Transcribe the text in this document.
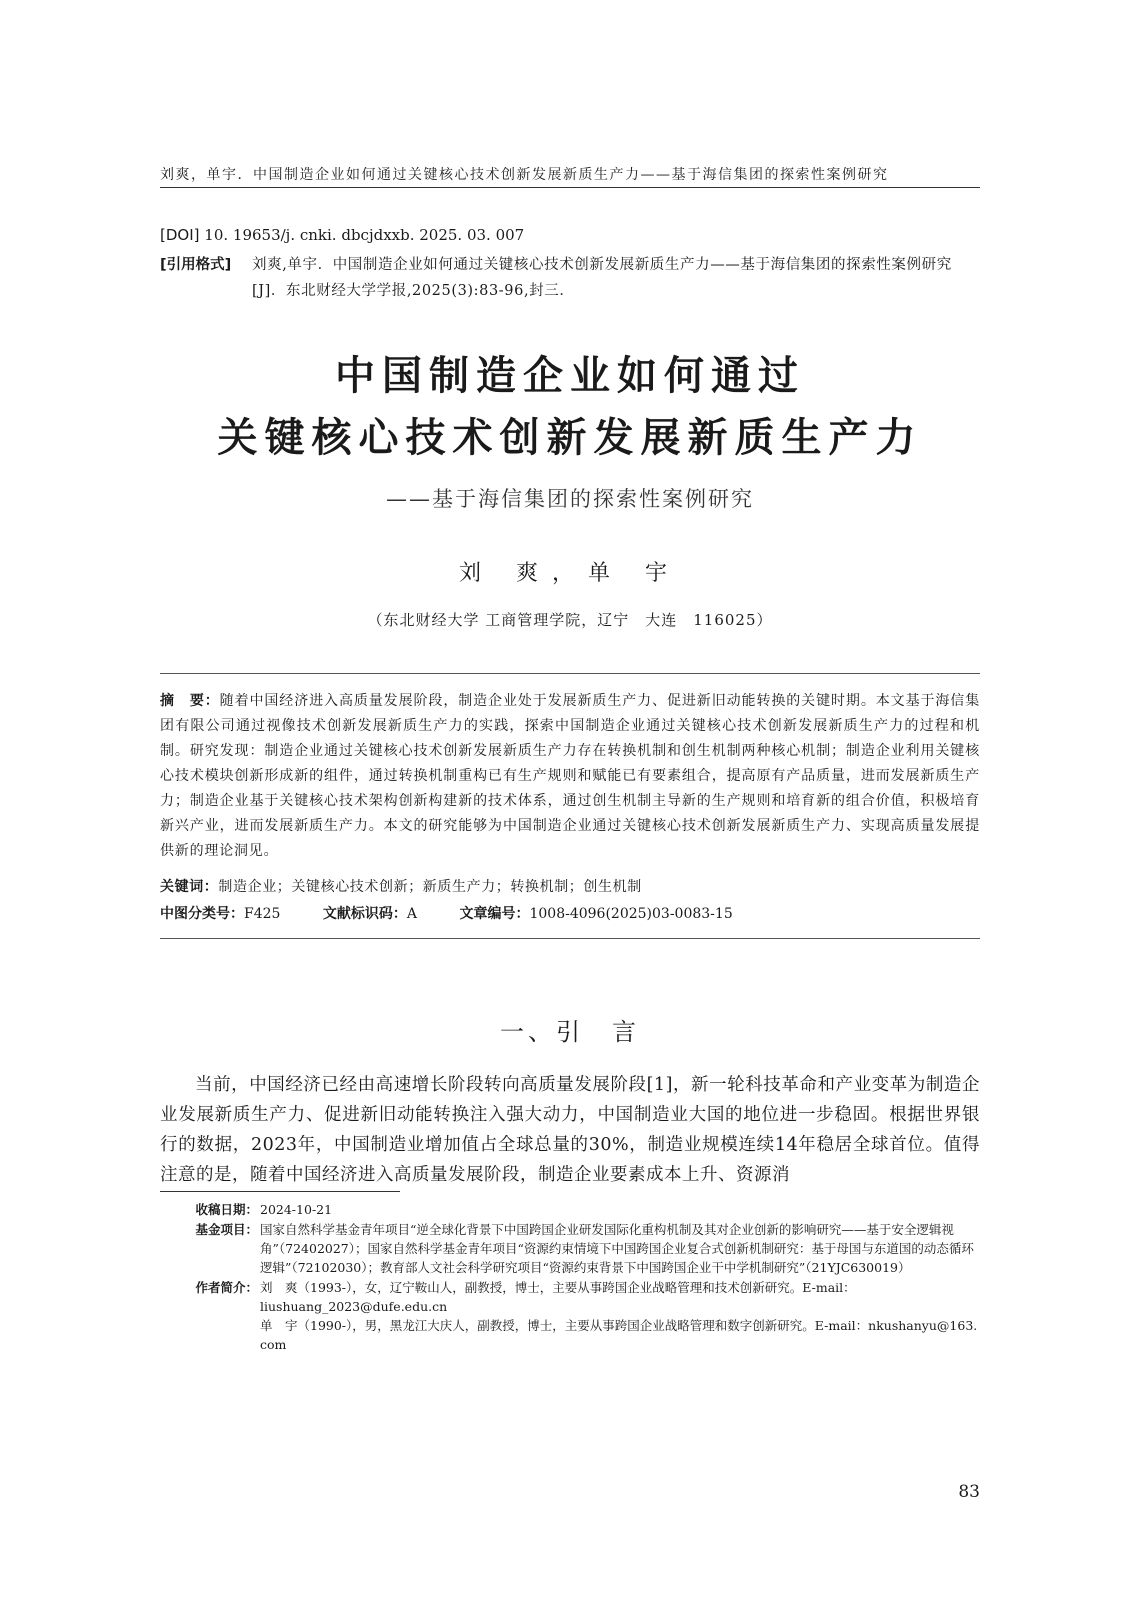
刘爽，单宇．中国制造企业如何通过关键核心技术创新发展新质生产力——基于海信集团的探索性案例研究
[DOI] 10. 19653/j. cnki. dbcjdxxb. 2025. 03. 007
[引用格式]	刘爽,单宇．中国制造企业如何通过关键核心技术创新发展新质生产力——基于海信集团的探索性案例研究[J]．东北财经大学学报,2025(3):83-96,封三．
中国制造企业如何通过
关键核心技术创新发展新质生产力
——基于海信集团的探索性案例研究
刘 爽，单 宇
（东北财经大学 工商管理学院，辽宁　大连　116025）
摘　要：随着中国经济进入高质量发展阶段，制造企业处于发展新质生产力、促进新旧动能转换的关键时期。本文基于海信集团有限公司通过视像技术创新发展新质生产力的实践，探索中国制造企业通过关键核心技术创新发展新质生产力的过程和机制。研究发现：制造企业通过关键核心技术创新发展新质生产力存在转换机制和创生机制两种核心机制；制造企业利用关键核心技术模块创新形成新的组件，通过转换机制重构已有生产规则和赋能已有要素组合，提高原有产品质量，进而发展新质生产力；制造企业基于关键核心技术架构创新构建新的技术体系，通过创生机制主导新的生产规则和培育新的组合价值，积极培育新兴产业，进而发展新质生产力。本文的研究能够为中国制造企业通过关键核心技术创新发展新质生产力、实现高质量发展提供新的理论洞见。
关键词：制造企业；关键核心技术创新；新质生产力；转换机制；创生机制
中图分类号：F425	文献标识码：A	文章编号：1008-4096(2025)03-0083-15
一、引　言

当前，中国经济已经由高速增长阶段转向高质量发展阶段[1]，新一轮科技革命和产业变革为制造企业发展新质生产力、促进新旧动能转换注入强大动力，中国制造业大国的地位进一步稳固。根据世界银行的数据，2023年，中国制造业增加值占全球总量的30%，制造业规模连续14年稳居全球首位。值得注意的是，随着中国经济进入高质量发展阶段，制造企业要素成本上升、资源消

收稿日期： 2024-10-21
基金项目： 国家自然科学基金青年项目“逆全球化背景下中国跨国企业研发国际化重构机制及其对企业创新的影响研究——基于安全逻辑视角”（72402027）；国家自然科学基金青年项目“资源约束情境下中国跨国企业复合式创新机制研究：基于母国与东道国的动态循环逻辑”（72102030）；教育部人文社会科学研究项目“资源约束背景下中国跨国企业干中学机制研究”（21YJC630019）
作者简介： 刘　爽（1993-），女，辽宁鞍山人，副教授，博士，主要从事跨国企业战略管理和技术创新研究。E-mail：liushuang_2023@dufe.edu.cn
单　宇（1990-），男，黑龙江大庆人，副教授，博士，主要从事跨国企业战略管理和数字创新研究。E-mail：nkushanyu@163. com
83
